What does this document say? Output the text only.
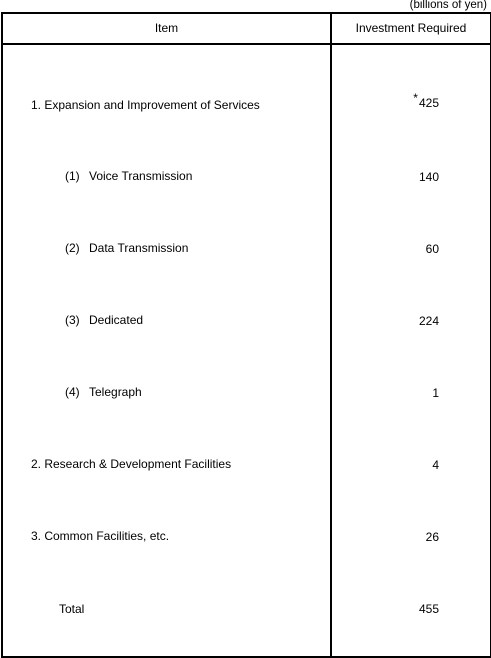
(billions of yen)
Item	Investment Required
1. Expansion and Improvement of Services	*425
(1) Voice Transmission	140
(2) Data Transmission	60
(3) Dedicated	224
(4) Telegraph	1
2. Research & Development Facilities	4
3. Common Facilities, etc.	26
Total	455
